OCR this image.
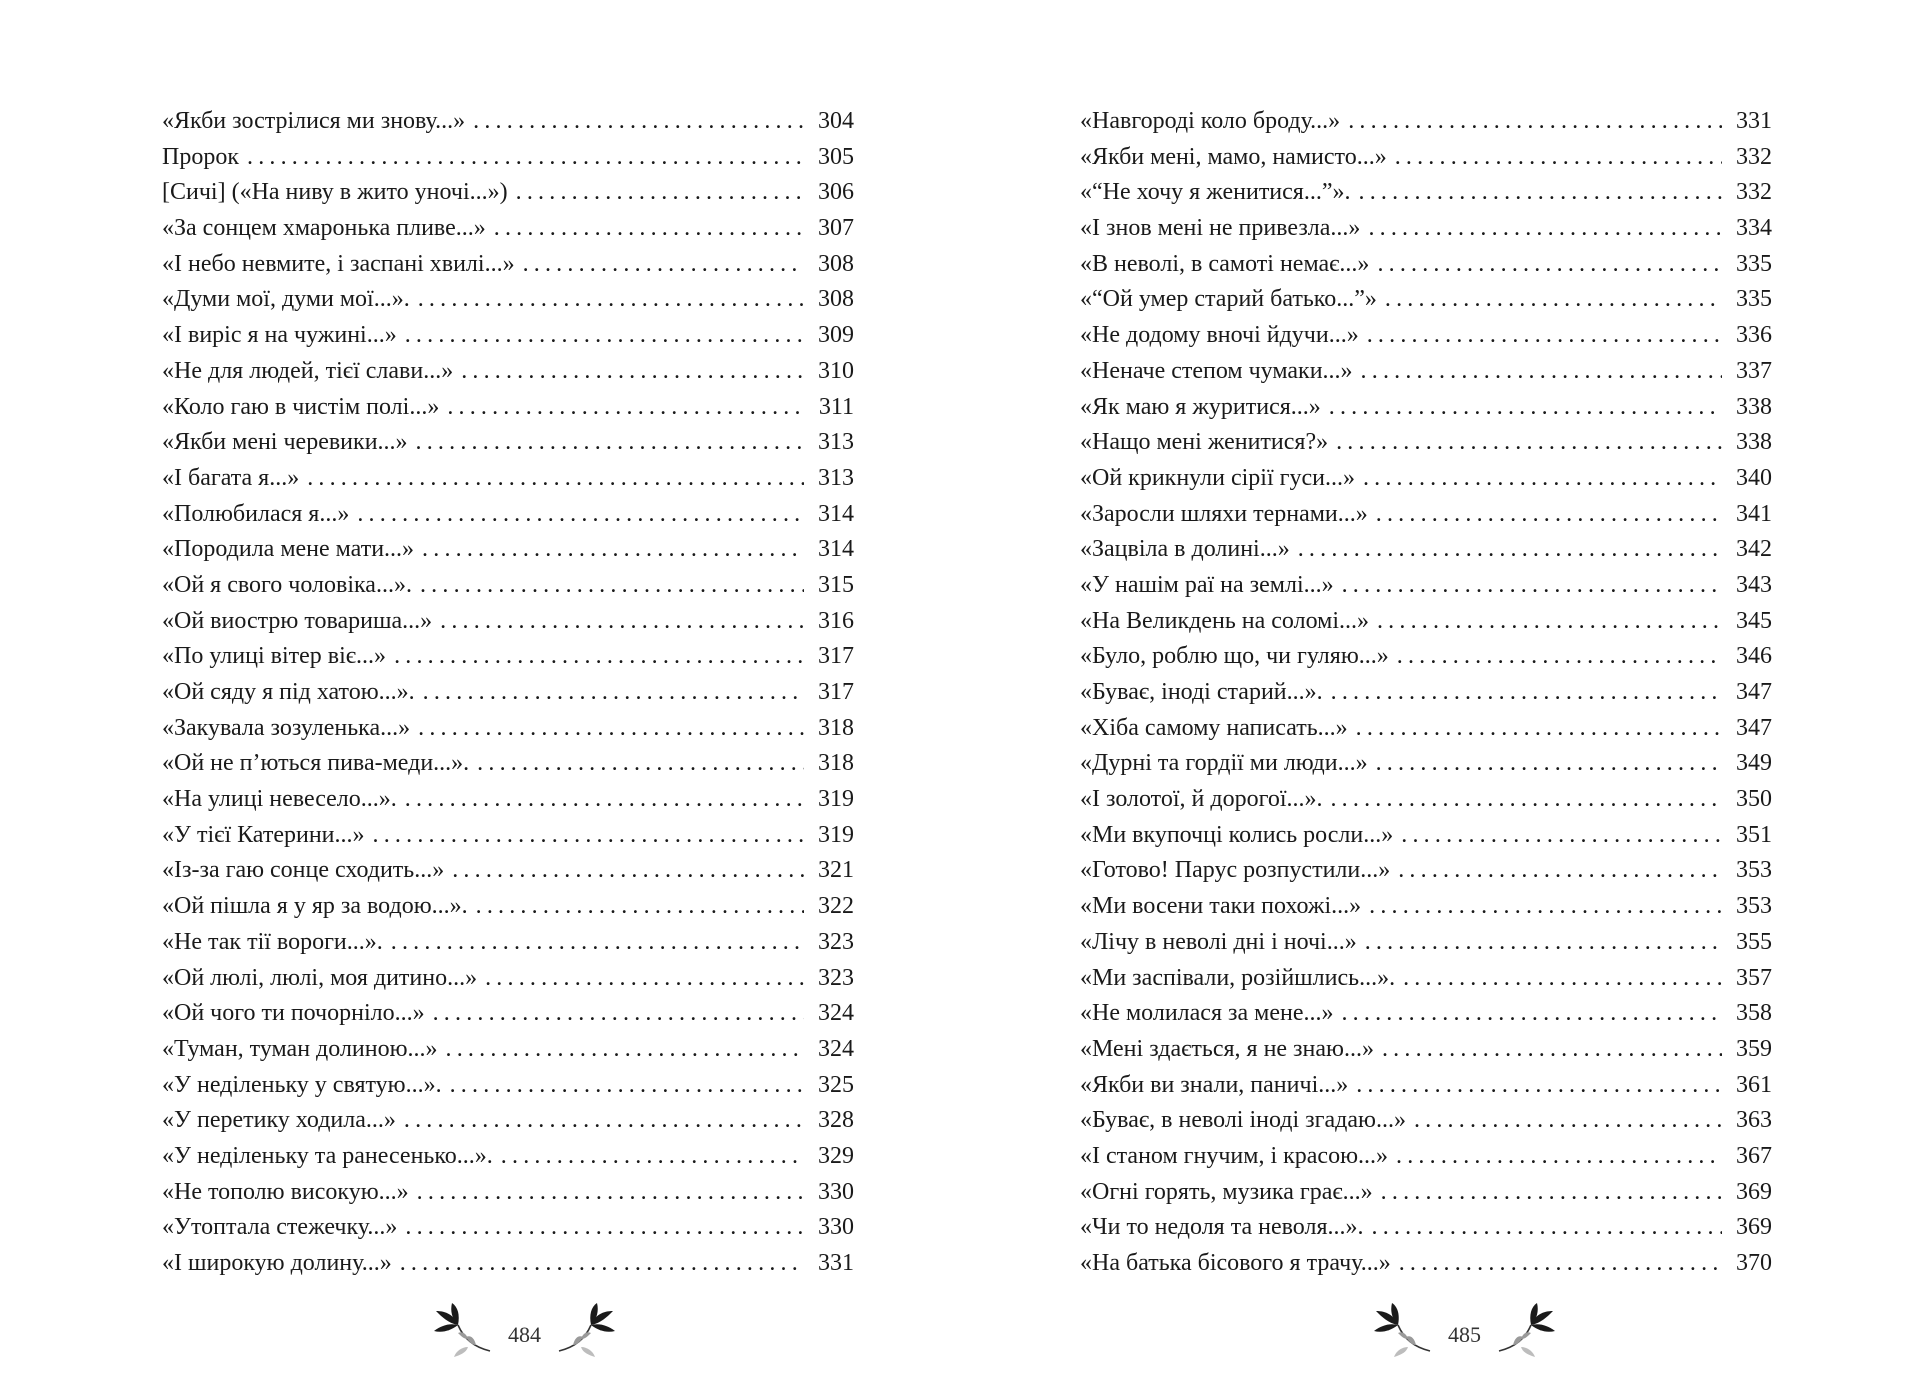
«Якби зострілися ми знову...» .....	304
Пророк .....	305
[Сичі] («На ниву в жито уночі...») .....	306
«За сонцем хмаронька пливе...» .....	307
«І небо невмите, і заспані хвилі...» .....	308
«Думи мої, думи мої...». .....	308
«І виріс я на чужині...» .....	309
«Не для людей, тієї слави...» .....	310
«Коло гаю в чистім полі...» .....	311
«Якби мені черевики...» .....	313
«І багата я...» .....	313
«Полюбилася я...» .....	314
«Породила мене мати...» .....	314
«Ой я свого чоловіка...». .....	315
«Ой виострю товариша...» .....	316
«По улиці вітер віє...» .....	317
«Ой сяду я під хатою...». .....	317
«Закувала зозуленька...» .....	318
«Ой не п’ються пива-меди...». .....	318
«На улиці невесело...». .....	319
«У тієї Катерини...» .....	319
«Із-за гаю сонце сходить...» .....	321
«Ой пішла я у яр за водою...». .....	322
«Не так тії вороги...». .....	323
«Ой люлі, люлі, моя дитино...» .....	323
«Ой чого ти почорніло...» .....	324
«Туман, туман долиною...» .....	324
«У неділеньку у святую...». .....	325
«У перетику ходила...» .....	328
«У неділеньку та ранесенько...». .....	329
«Не тополю високую...» .....	330
«Утоптала стежечку...» .....	330
«І широкую долину...» .....	331
484
«Навгороді коло броду...» .....	331
«Якби мені, мамо, намисто...» .....	332
«“Не хочу я женитися...”». .....	332
«І знов мені не привезла...» .....	334
«В неволі, в самоті немає...» .....	335
«“Ой умер старий батько...”» .....	335
«Не додому вночі йдучи...» .....	336
«Неначе степом чумаки...» .....	337
«Як маю я журитися...» .....	338
«Нащо мені женитися?» .....	338
«Ой крикнули сірії гуси...» .....	340
«Заросли шляхи тернами...» .....	341
«Зацвіла в долині...» .....	342
«У нашім раї на землі...» .....	343
«На Великдень на соломі...» .....	345
«Було, роблю що, чи гуляю...» .....	346
«Буває, іноді старий...». .....	347
«Хіба самому написать...» .....	347
«Дурні та гордії ми люди...» .....	349
«І золотої, й дорогої...». .....	350
«Ми вкупочці колись росли...» .....	351
«Готово! Парус розпустили...» .....	353
«Ми восени таки похожі...» .....	353
«Лічу в неволі дні і ночі...» .....	355
«Ми заспівали, розійшлись...». .....	357
«Не молилася за мене...» .....	358
«Мені здається, я не знаю...» .....	359
«Якби ви знали, паничі...» .....	361
«Буває, в неволі іноді згадаю...» .....	363
«І станом гнучим, і красою...» .....	367
«Огні горять, музика грає...» .....	369
«Чи то недоля та неволя...». .....	369
«На батька бісового я трачу...» .....	370
485
